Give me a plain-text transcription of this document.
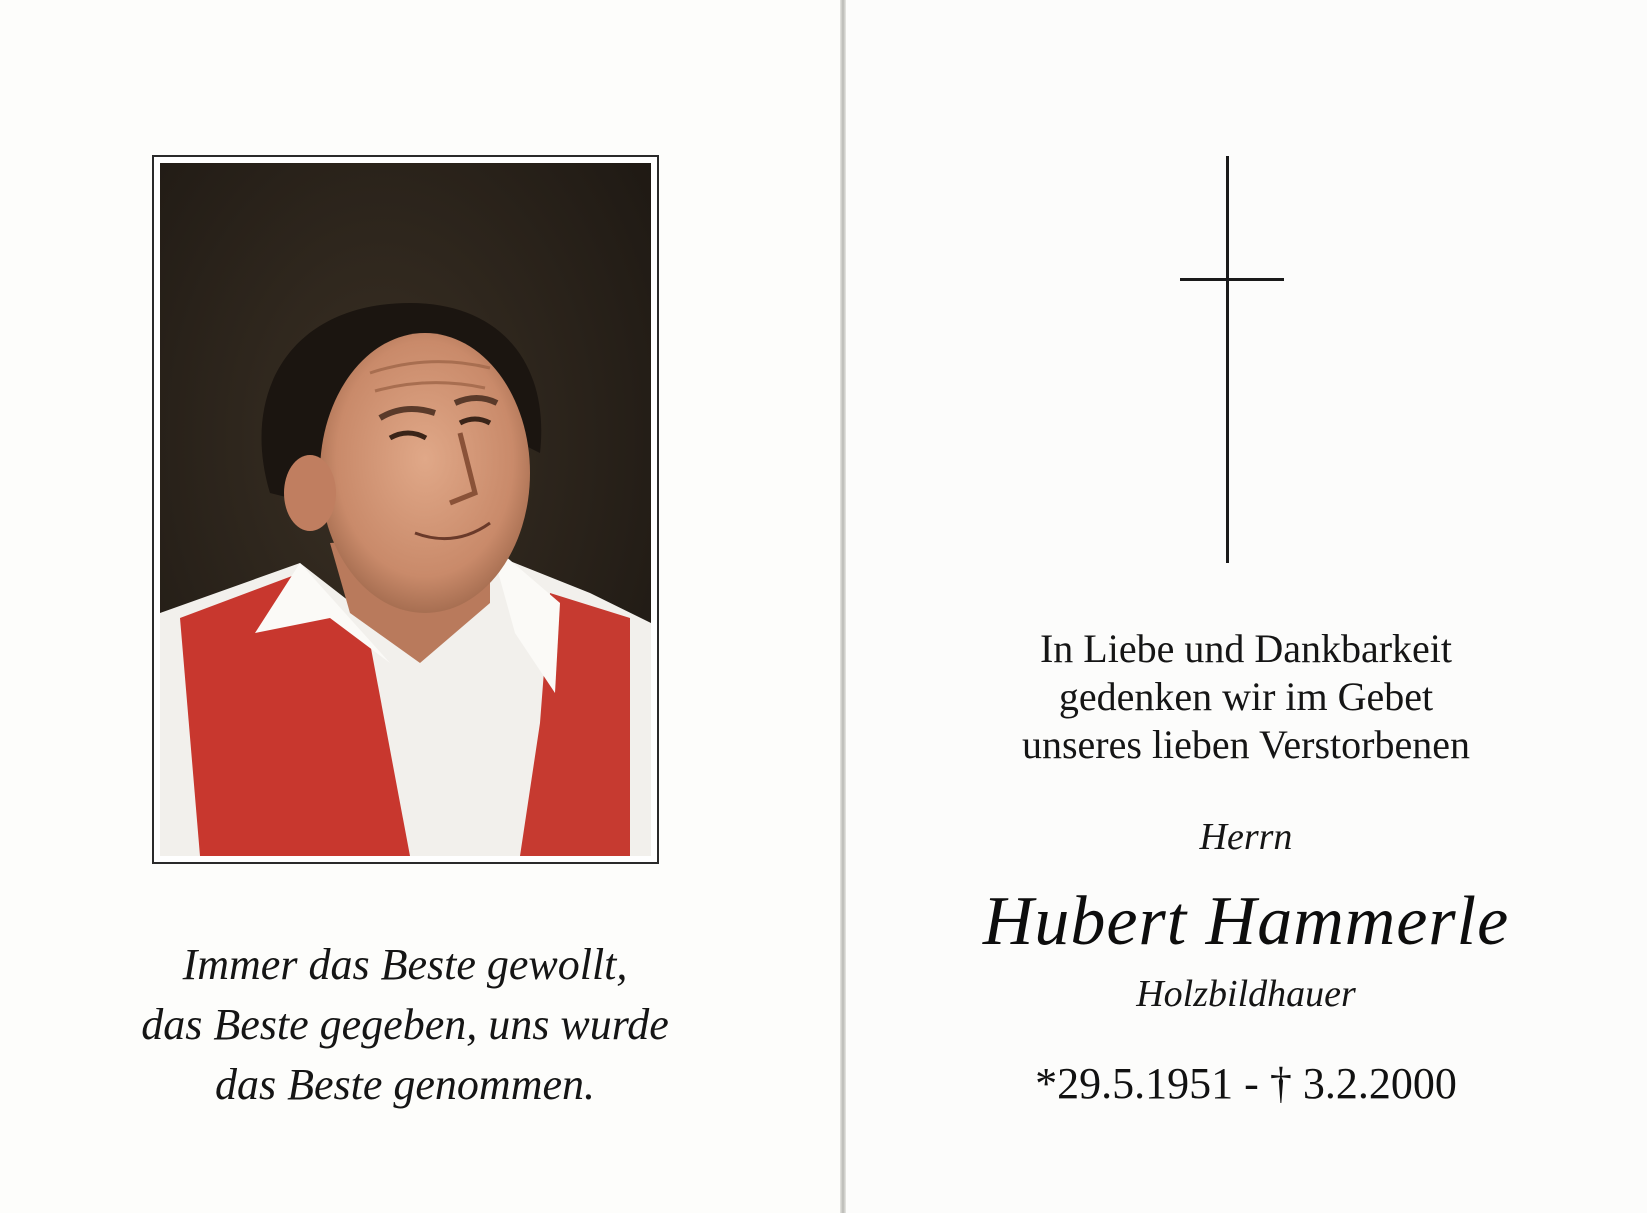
Immer das Beste gewollt,
das Beste gegeben, uns wurde
das Beste genommen.
In Liebe und Dankbarkeit
gedenken wir im Gebet
unseres lieben Verstorbenen
Herrn
Hubert Hammerle
Holzbildhauer
*29.5.1951 - † 3.2.2000
